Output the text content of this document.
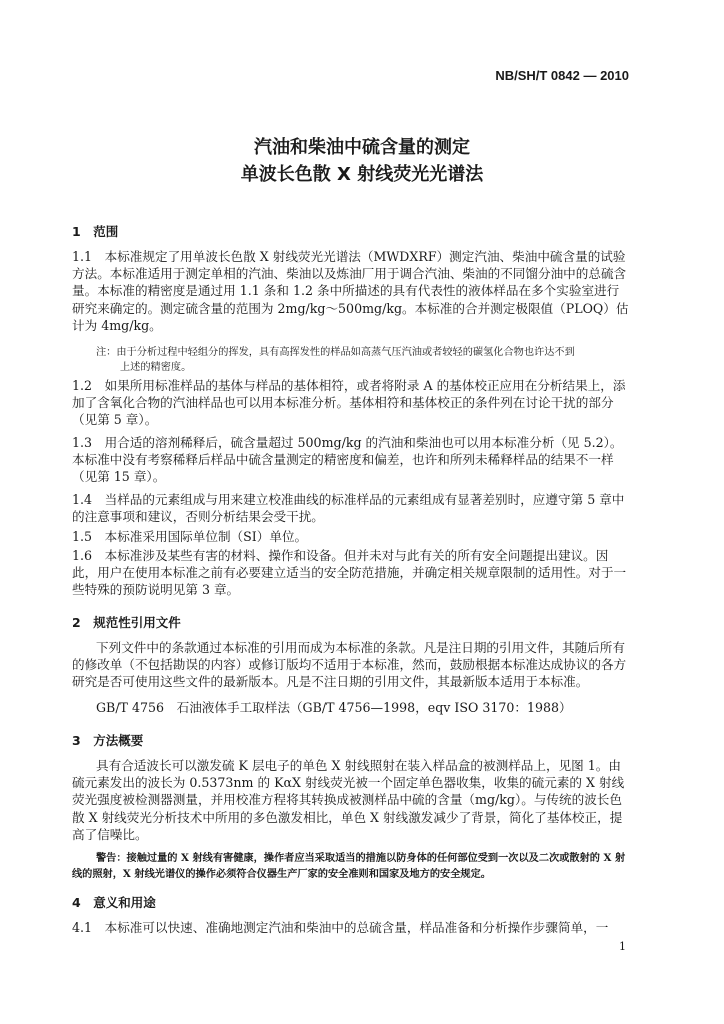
NB/SH/T 0842 — 2010
汽油和柴油中硫含量的测定
单波长色散 X 射线荧光光谱法
1　范围
1.1　本标准规定了用单波长色散 X 射线荧光光谱法（MWDXRF）测定汽油、柴油中硫含量的试验方法。本标准适用于测定单相的汽油、柴油以及炼油厂用于调合汽油、柴油的不同馏分油中的总硫含量。本标准的精密度是通过用 1.1 条和 1.2 条中所描述的具有代表性的液体样品在多个实验室进行研究来确定的。测定硫含量的范围为 2mg/kg～500mg/kg。本标准的合并测定极限值（PLOQ）估计为 4mg/kg。
注：由于分析过程中轻组分的挥发，具有高挥发性的样品如高蒸气压汽油或者较轻的碳氢化合物也许达不到
上述的精密度。
1.2　如果所用标准样品的基体与样品的基体相符，或者将附录 A 的基体校正应用在分析结果上，添加了含氧化合物的汽油样品也可以用本标准分析。基体相符和基体校正的条件列在讨论干扰的部分（见第 5 章）。
1.3　用合适的溶剂稀释后，硫含量超过 500mg/kg 的汽油和柴油也可以用本标准分析（见 5.2）。本标准中没有考察稀释后样品中硫含量测定的精密度和偏差，也许和所列未稀释样品的结果不一样（见第 15 章）。
1.4　当样品的元素组成与用来建立校准曲线的标准样品的元素组成有显著差别时，应遵守第 5 章中的注意事项和建议，否则分析结果会受干扰。
1.5　本标准采用国际单位制（SI）单位。
1.6　本标准涉及某些有害的材料、操作和设备。但并未对与此有关的所有安全问题提出建议。因此，用户在使用本标准之前有必要建立适当的安全防范措施，并确定相关规章限制的适用性。对于一些特殊的预防说明见第 3 章。
2　规范性引用文件
下列文件中的条款通过本标准的引用而成为本标准的条款。凡是注日期的引用文件，其随后所有的修改单（不包括勘误的内容）或修订版均不适用于本标准，然而，鼓励根据本标准达成协议的各方研究是否可使用这些文件的最新版本。凡是不注日期的引用文件，其最新版本适用于本标准。
GB/T 4756　石油液体手工取样法（GB/T 4756—1998，eqv ISO 3170：1988）
3　方法概要
具有合适波长可以激发硫 K 层电子的单色 X 射线照射在装入样品盒的被测样品上，见图 1。由硫元素发出的波长为 0.5373nm 的 KαX 射线荧光被一个固定单色器收集，收集的硫元素的 X 射线荧光强度被检测器测量，并用校准方程将其转换成被测样品中硫的含量（mg/kg）。与传统的波长色散 X 射线荧光分析技术中所用的多色激发相比，单色 X 射线激发减少了背景，简化了基体校正，提高了信噪比。
警告：接触过量的 X 射线有害健康，操作者应当采取适当的措施以防身体的任何部位受到一次以及二次或散射的 X 射线的照射，X 射线光谱仪的操作必须符合仪器生产厂家的安全准则和国家及地方的安全规定。
4　意义和用途
4.1　本标准可以快速、准确地测定汽油和柴油中的总硫含量，样品准备和分析操作步骤简单，一
1
